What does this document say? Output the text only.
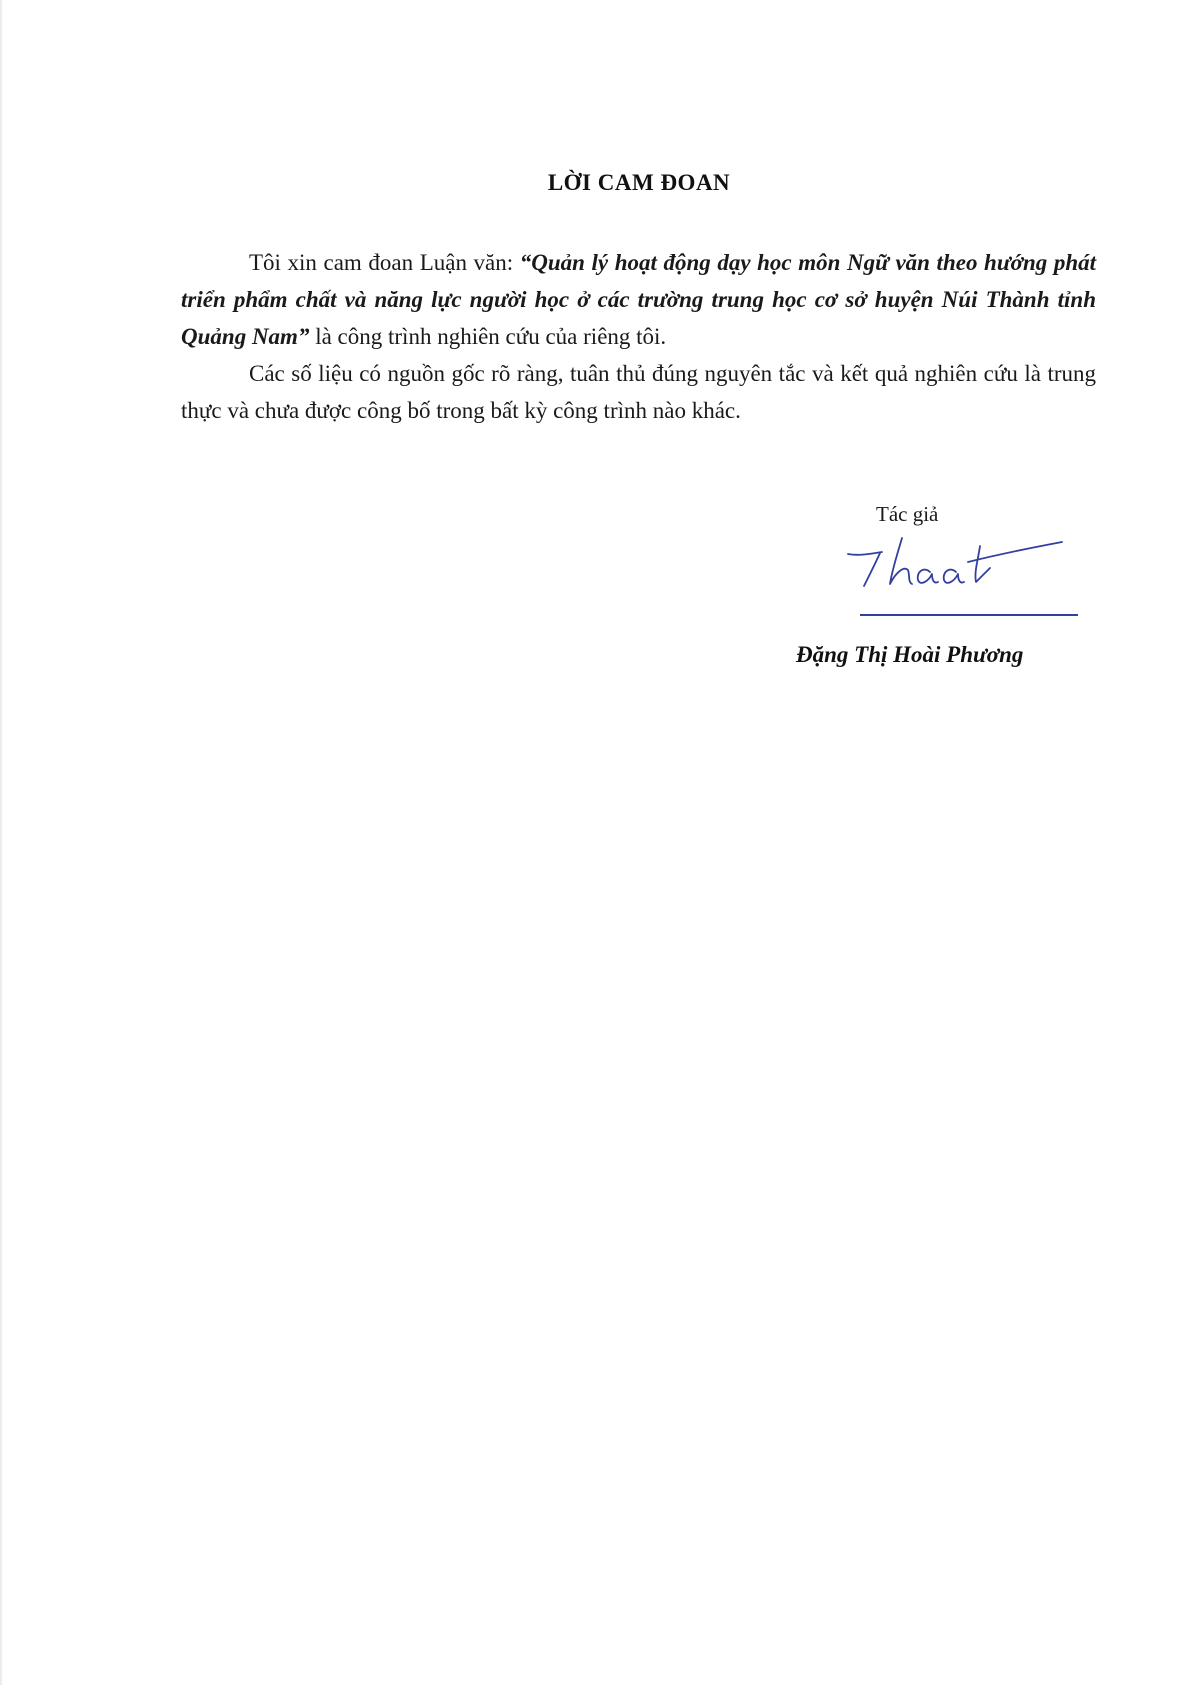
LỜI CAM ĐOAN

Tôi xin cam đoan Luận văn: “Quản lý hoạt động dạy học môn Ngữ văn theo hướng phát triển phẩm chất và năng lực người học ở các trường trung học cơ sở huyện Núi Thành tỉnh Quảng Nam” là công trình nghiên cứu của riêng tôi.

Các số liệu có nguồn gốc rõ ràng, tuân thủ đúng nguyên tắc và kết quả nghiên cứu là trung thực và chưa được công bố trong bất kỳ công trình nào khác.

Tác giả
Đặng Thị Hoài Phương
